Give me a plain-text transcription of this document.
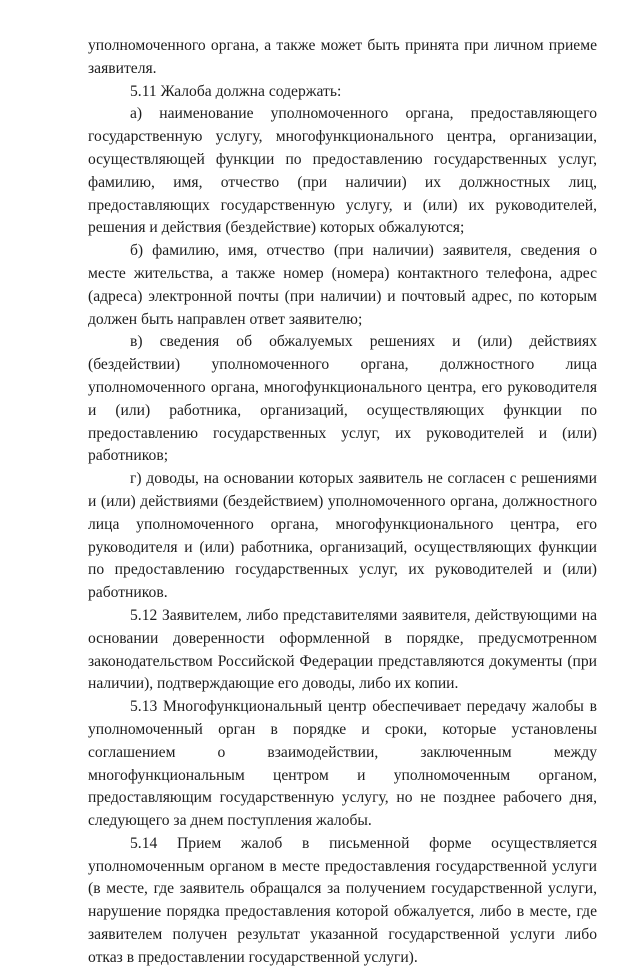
уполномоченного органа, а также может быть принята при личном приеме заявителя.

5.11 Жалоба должна содержать:

а) наименование уполномоченного органа, предоставляющего государственную услугу, многофункционального центра, организации, осуществляющей функции по предоставлению государственных услуг, фамилию, имя, отчество (при наличии) их должностных лиц, предоставляющих государственную услугу, и (или) их руководителей, решения и действия (бездействие) которых обжалуются;

б) фамилию, имя, отчество (при наличии) заявителя, сведения о месте жительства, а также номер (номера) контактного телефона, адрес (адреса) электронной почты (при наличии) и почтовый адрес, по которым должен быть направлен ответ заявителю;

в) сведения об обжалуемых решениях и (или) действиях (бездействии) уполномоченного органа, должностного лица уполномоченного органа, многофункционального центра, его руководителя и (или) работника, организаций, осуществляющих функции по предоставлению государственных услуг, их руководителей и (или) работников;

г) доводы, на основании которых заявитель не согласен с решениями и (или) действиями (бездействием) уполномоченного органа, должностного лица уполномоченного органа, многофункционального центра, его руководителя и (или) работника, организаций, осуществляющих функции по предоставлению государственных услуг, их руководителей и (или) работников.

5.12 Заявителем, либо представителями заявителя, действующими на основании доверенности оформленной в порядке, предусмотренном законодательством Российской Федерации представляются документы (при наличии), подтверждающие его доводы, либо их копии.

5.13 Многофункциональный центр обеспечивает передачу жалобы в уполномоченный орган в порядке и сроки, которые установлены соглашением о взаимодействии, заключенным между многофункциональным центром и уполномоченным органом, предоставляющим государственную услугу, но не позднее рабочего дня, следующего за днем поступления жалобы.

5.14 Прием жалоб в письменной форме осуществляется уполномоченным органом в месте предоставления государственной услуги (в месте, где заявитель обращался за получением государственной услуги, нарушение порядка предоставления которой обжалуется, либо в месте, где заявителем получен результат указанной государственной услуги либо отказ в предоставлении государственной услуги).
